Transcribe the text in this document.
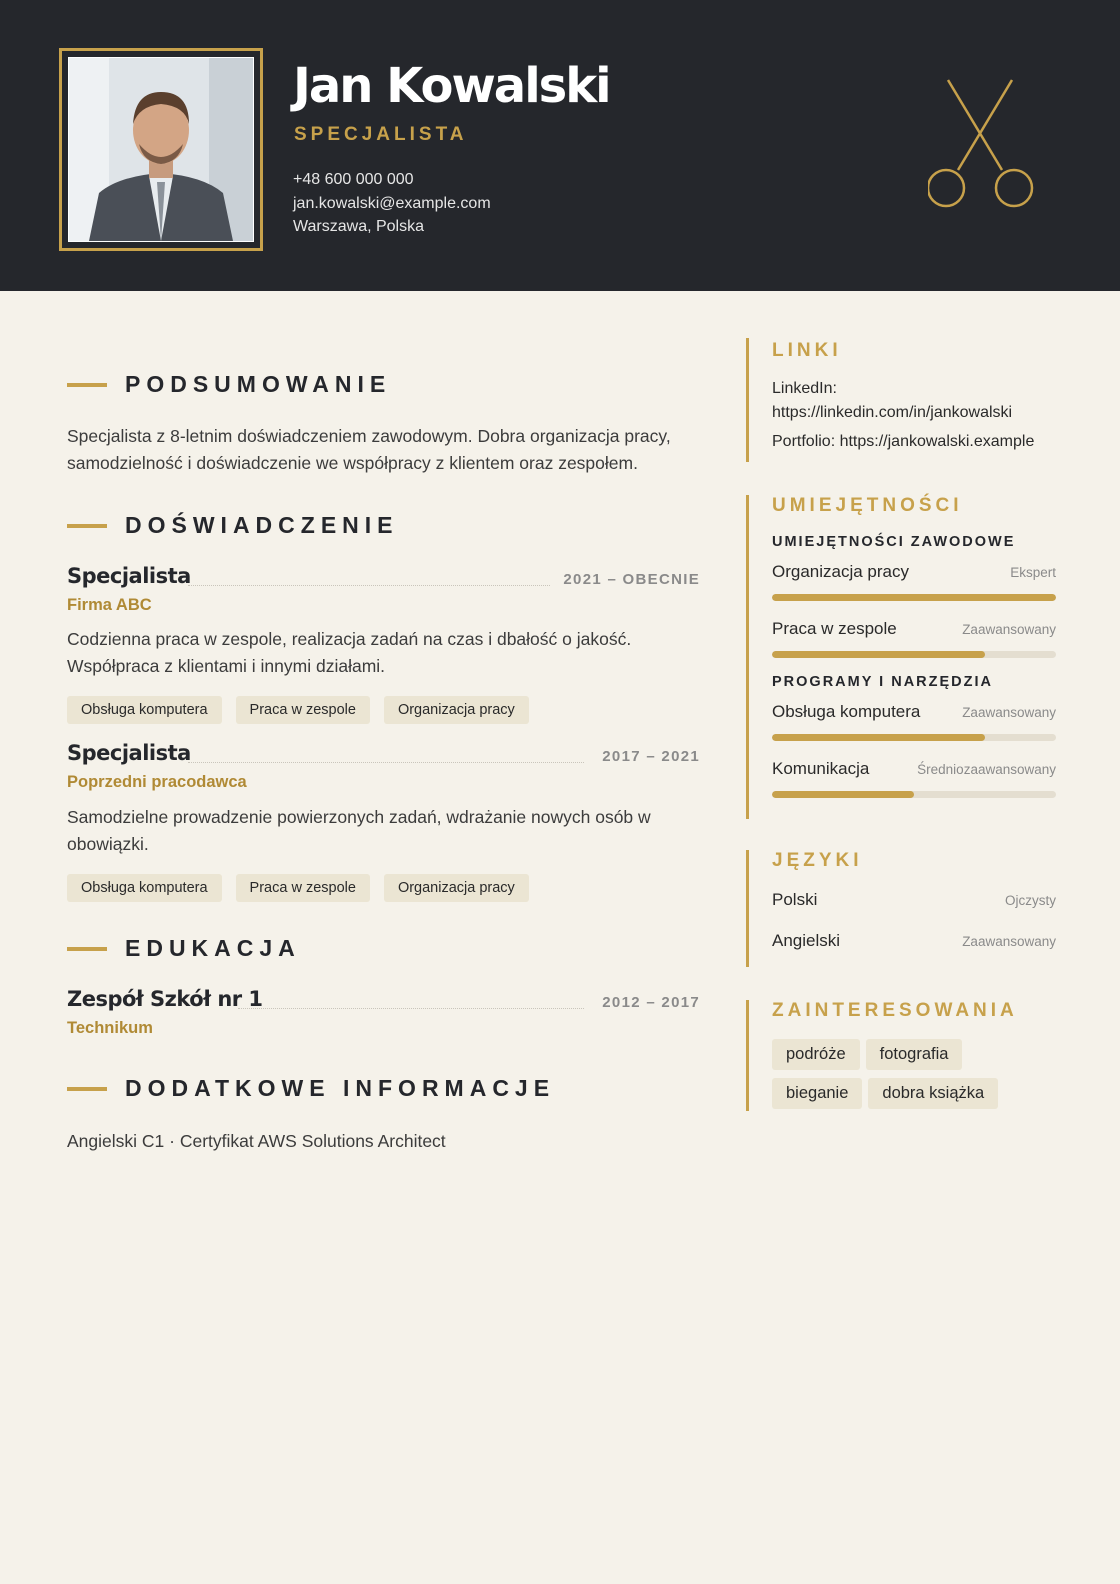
Jan Kowalski
SPECJALISTA
+48 600 000 000
jan.kowalski@example.com
Warszawa, Polska
PODSUMOWANIE
Specjalista z 8-letnim doświadczeniem zawodowym. Dobra organizacja pracy, samodzielność i doświadczenie we współpracy z klientem oraz zespołem.
DOŚWIADCZENIE
Specjalista	2021 – OBECNIE
Firma ABC
Codzienna praca w zespole, realizacja zadań na czas i dbałość o jakość. Współpraca z klientami i innymi działami.
Obsługa komputera	Praca w zespole	Organizacja pracy
Specjalista	2017 – 2021
Poprzedni pracodawca
Samodzielne prowadzenie powierzonych zadań, wdrażanie nowych osób w obowiązki.
Obsługa komputera	Praca w zespole	Organizacja pracy
EDUKACJA
Zespół Szkół nr 1	2012 – 2017
Technikum
DODATKOWE INFORMACJE
Angielski C1 · Certyfikat AWS Solutions Architect
LINKI
LinkedIn:
https://linkedin.com/in/jankowalski
Portfolio: https://jankowalski.example
UMIEJĘTNOŚCI
UMIEJĘTNOŚCI ZAWODOWE
Organizacja pracy	Ekspert
Praca w zespole	Zaawansowany
PROGRAMY I NARZĘDZIA
Obsługa komputera	Zaawansowany
Komunikacja	Średniozaawansowany
JĘZYKI
Polski	Ojczysty
Angielski	Zaawansowany
ZAINTERESOWANIA
podróże fotografiabieganie dobra książka
